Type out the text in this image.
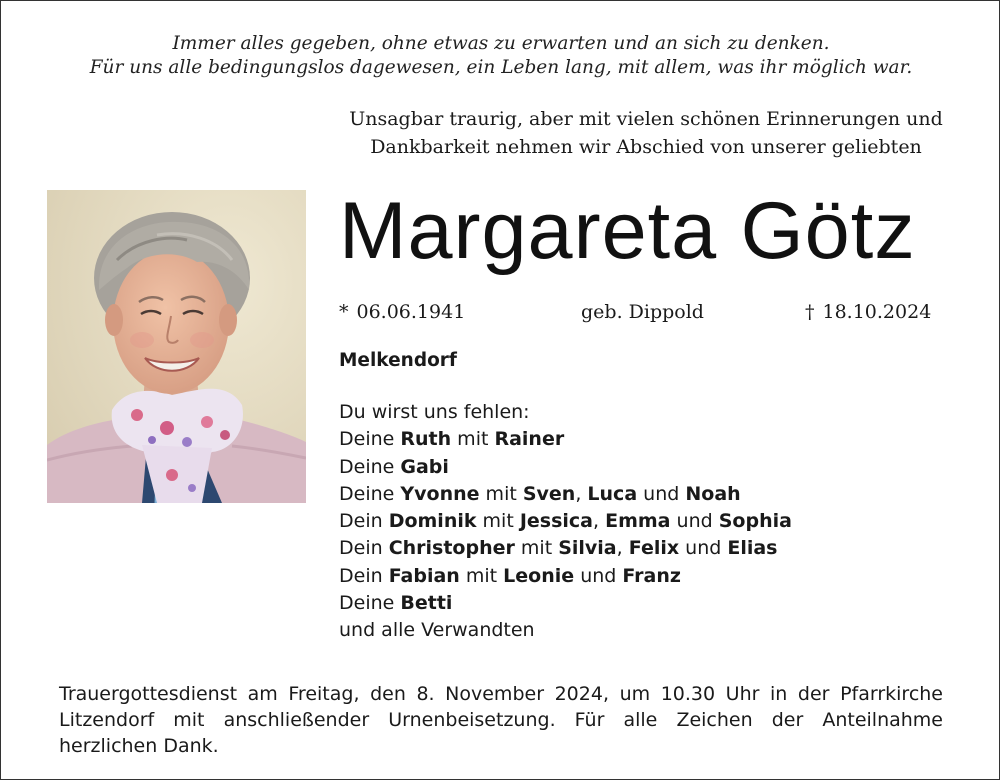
Immer alles gegeben, ohne etwas zu erwarten und an sich zu denken.
Für uns alle bedingungslos dagewesen, ein Leben lang, mit allem, was ihr möglich war.
Unsagbar traurig, aber mit vielen schönen Erinnerungen und
Dankbarkeit nehmen wir Abschied von unserer geliebten
Margareta Götz
* 06.06.1941	geb. Dippold	† 18.10.2024
Melkendorf
Du wirst uns fehlen:
Deine Ruth mit Rainer
Deine Gabi
Deine Yvonne mit Sven, Luca und Noah
Dein Dominik mit Jessica, Emma und Sophia
Dein Christopher mit Silvia, Felix und Elias
Dein Fabian mit Leonie und Franz
Deine Betti
und alle Verwandten
Trauergottesdienst am Freitag, den 8. November 2024, um 10.30 Uhr in der Pfarrkirche Litzendorf mit anschließender Urnenbeisetzung. Für alle Zeichen der Anteilnahme herzlichen Dank.
